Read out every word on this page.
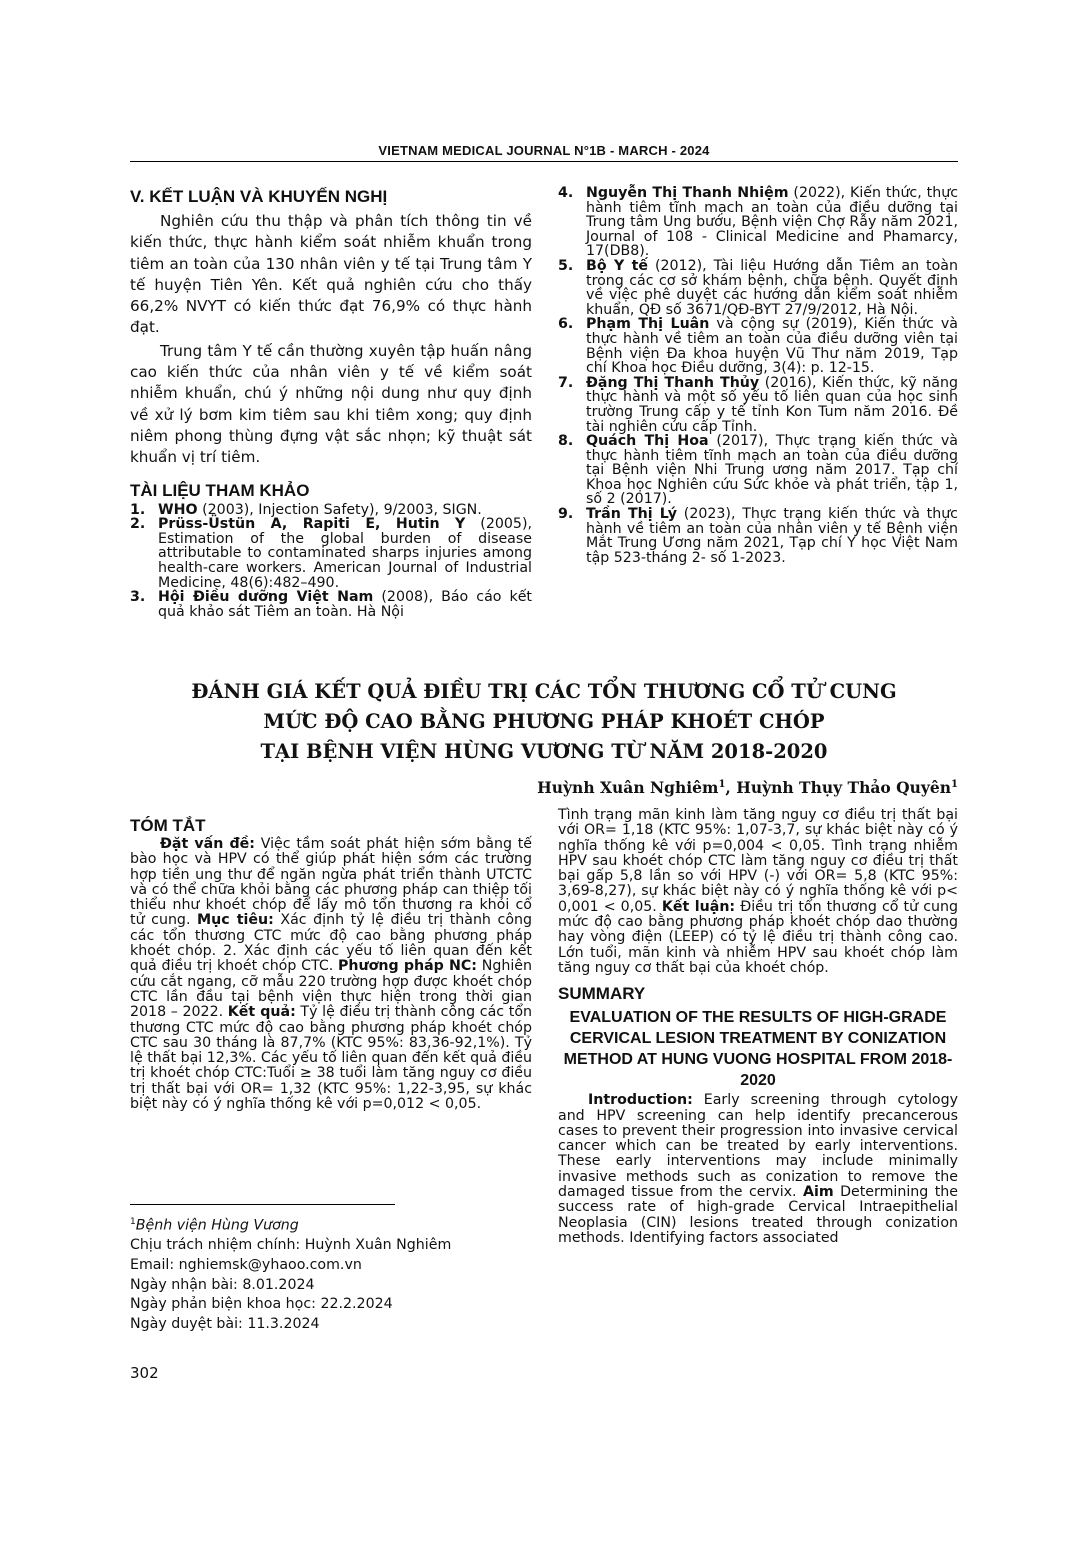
VIETNAM MEDICAL JOURNAL N°1B - MARCH - 2024
V. KẾT LUẬN VÀ KHUYẾN NGHỊ

Nghiên cứu thu thập và phân tích thông tin về kiến thức, thực hành kiểm soát nhiễm khuẩn trong tiêm an toàn của 130 nhân viên y tế tại Trung tâm Y tế huyện Tiên Yên. Kết quả nghiên cứu cho thấy 66,2% NVYT có kiến thức đạt 76,9% có thực hành đạt.

Trung tâm Y tế cần thường xuyên tập huấn nâng cao kiến thức của nhân viên y tế về kiểm soát nhiễm khuẩn, chú ý những nội dung như quy định về xử lý bơm kim tiêm sau khi tiêm xong; quy định niêm phong thùng đựng vật sắc nhọn; kỹ thuật sát khuẩn vị trí tiêm.

TÀI LIỆU THAM KHẢO
1. WHO (2003), Injection Safety), 9/2003, SIGN.
2. Prüss-Üstün A, Rapiti E, Hutin Y (2005), Estimation of the global burden of disease attributable to contaminated sharps injuries among health-care workers. American Journal of Industrial Medicine, 48(6):482–490.
3. Hội Điều dưỡng Việt Nam (2008), Báo cáo kết quả khảo sát Tiêm an toàn. Hà Nội
4. Nguyễn Thị Thanh Nhiệm (2022), Kiến thức, thực hành tiêm tĩnh mạch an toàn của điều dưỡng tại Trung tâm Ung bướu, Bệnh viện Chợ Rẫy năm 2021, Journal of 108 - Clinical Medicine and Phamarcy, 17(DB8).
5. Bộ Y tế (2012), Tài liệu Hướng dẫn Tiêm an toàn trong các cơ sở khám bệnh, chữa bệnh. Quyết định về việc phê duyệt các hướng dẫn kiểm soát nhiễm khuẩn, QĐ số 3671/QĐ-BYT 27/9/2012, Hà Nội.
6. Phạm Thị Luân và cộng sự (2019), Kiến thức và thực hành về tiêm an toàn của điều dưỡng viên tại Bệnh viện Đa khoa huyện Vũ Thư năm 2019, Tạp chí Khoa học Điều dưỡng, 3(4): p. 12-15.
7. Đặng Thị Thanh Thủy (2016), Kiến thức, kỹ năng thực hành và một số yếu tố liên quan của học sinh trường Trung cấp y tế tỉnh Kon Tum năm 2016. Đề tài nghiên cứu cấp Tỉnh.
8. Quách Thị Hoa (2017), Thực trạng kiến thức và thực hành tiêm tĩnh mạch an toàn của điều dưỡng tại Bệnh viện Nhi Trung ương năm 2017. Tạp chí Khoa học Nghiên cứu Sức khỏe và phát triển, tập 1, số 2 (2017).
9. Trần Thị Lý (2023), Thực trạng kiến thức và thực hành về tiêm an toàn của nhân viên y tế Bệnh viện Mắt Trung Ương năm 2021, Tạp chí Y học Việt Nam tập 523-tháng 2- số 1-2023.
ĐÁNH GIÁ KẾT QUẢ ĐIỀU TRỊ CÁC TỔN THƯƠNG CỔ TỬ CUNG
MỨC ĐỘ CAO BẰNG PHƯƠNG PHÁP KHOÉT CHÓP
TẠI BỆNH VIỆN HÙNG VƯƠNG TỪ NĂM 2018-2020
Huỳnh Xuân Nghiêm$^1$, Huỳnh Thụy Thảo Quyên$^1$
TÓM TẮT

Đặt vấn đề: Việc tầm soát phát hiện sớm bằng tế bào học và HPV có thể giúp phát hiện sớm các trường hợp tiền ung thư để ngăn ngừa phát triển thành UTCTC và có thể chữa khỏi bằng các phương pháp can thiệp tối thiểu như khoét chóp để lấy mô tổn thương ra khỏi cổ tử cung. Mục tiêu: Xác định tỷ lệ điều trị thành công các tổn thương CTC mức độ cao bằng phương pháp khoét chóp. 2. Xác định các yếu tố liên quan đến kết quả điều trị khoét chóp CTC. Phương pháp NC: Nghiên cứu cắt ngang, cỡ mẫu 220 trường hợp được khoét chóp CTC lần đầu tại bệnh viện thực hiện trong thời gian 2018 – 2022. Kết quả: Tỷ lệ điều trị thành công các tổn thương CTC mức độ cao bằng phương pháp khoét chóp CTC sau 30 tháng là 87,7% (KTC 95%: 83,36-92,1%). Tỷ lệ thất bại 12,3%. Các yếu tố liên quan đến kết quả điều trị khoét chóp CTC:Tuổi ≥ 38 tuổi làm tăng nguy cơ điều trị thất bại với OR= 1,32 (KTC 95%: 1,22-3,95, sự khác biệt này có ý nghĩa thống kê với p=0,012 < 0,05.

Tình trạng mãn kinh làm tăng nguy cơ điều trị thất bại với OR= 1,18 (KTC 95%: 1,07-3,7, sự khác biệt này có ý nghĩa thống kê với p=0,004 < 0,05. Tình trạng nhiễm HPV sau khoét chóp CTC làm tăng nguy cơ điều trị thất bại gấp 5,8 lần so với HPV (-) với OR= 5,8 (KTC 95%: 3,69-8,27), sự khác biệt này có ý nghĩa thống kê với p< 0,001 < 0,05. Kết luận: Điều trị tổn thương cổ tử cung mức độ cao bằng phương pháp khoét chóp dao thường hay vòng điện (LEEP) có tỷ lệ điều trị thành công cao. Lớn tuổi, mãn kinh và nhiễm HPV sau khoét chóp làm tăng nguy cơ thất bại của khoét chóp.

SUMMARY
EVALUATION OF THE RESULTS OF HIGH-GRADE CERVICAL LESION TREATMENT BY CONIZATION METHOD AT HUNG VUONG HOSPITAL FROM 2018-2020

Introduction: Early screening through cytology and HPV screening can help identify precancerous cases to prevent their progression into invasive cervical cancer which can be treated by early interventions. These early interventions may include minimally invasive methods such as conization to remove the damaged tissue from the cervix. Aim Determining the success rate of high-grade Cervical Intraepithelial Neoplasia (CIN) lesions treated through conization methods. Identifying factors associated

$^1$Bệnh viện Hùng Vương
Chịu trách nhiệm chính: Huỳnh Xuân Nghiêm
Email: nghiemsk@yhaoo.com.vn
Ngày nhận bài: 8.01.2024
Ngày phản biện khoa học: 22.2.2024
Ngày duyệt bài: 11.3.2024
302
